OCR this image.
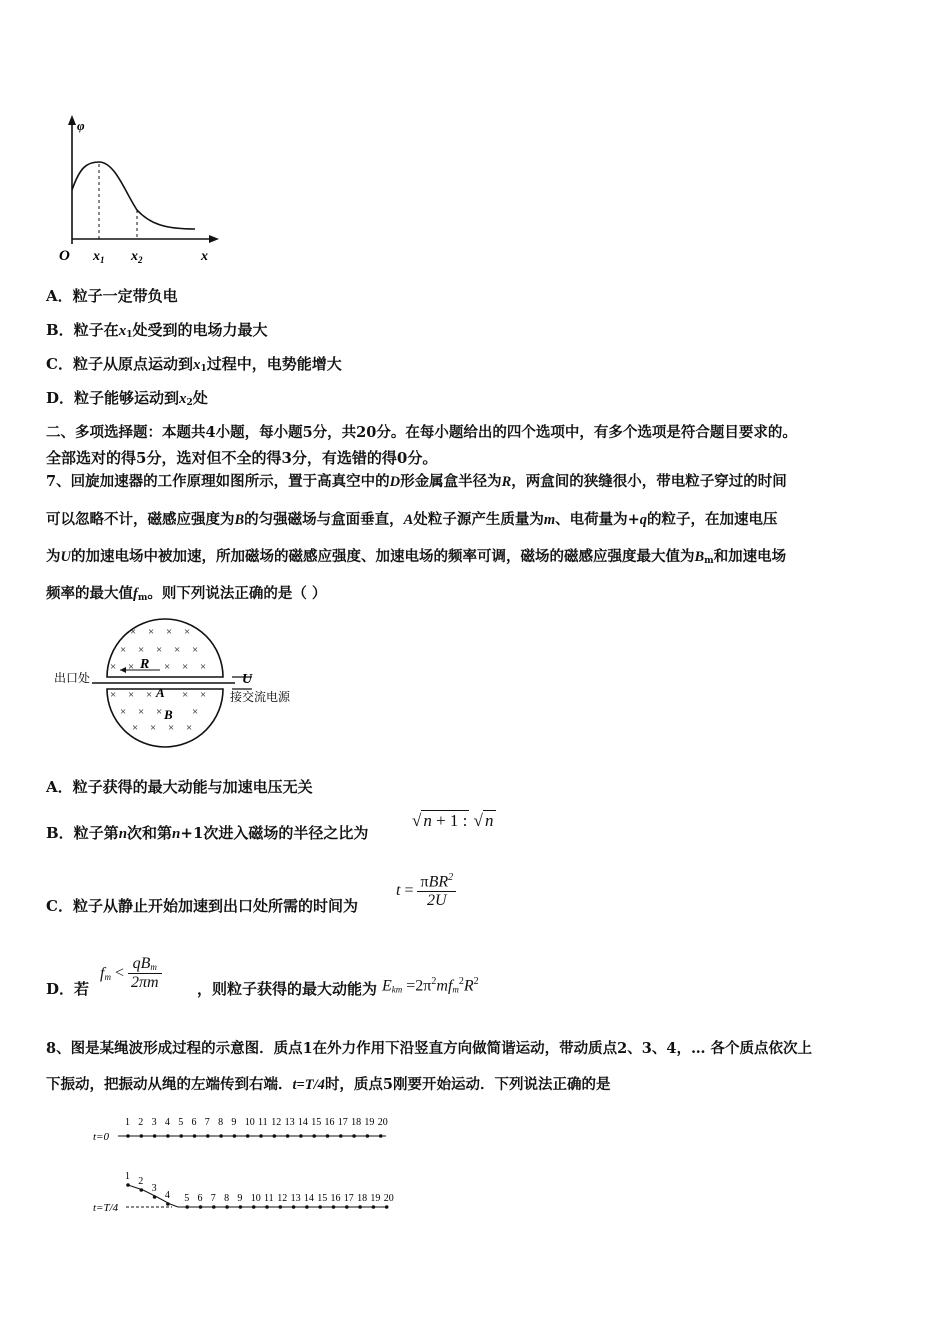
φ
O $x_1$ $x_2$	x
A．粒子一定带负电
B．粒子在$x_1$处受到的电场力最大
C．粒子从原点运动到$x_1$过程中，电势能增大
D．粒子能够运动到$x_2$处
二、多项选择题：本题共4小题，每小题5分，共20分。在每小题给出的四个选项中，有多个选项是符合题目要求的。
全部选对的得5分，选对但不全的得3分，有选错的得0分。
7、回旋加速器的工作原理如图所示，置于高真空中的D形金属盒半径为R，两盒间的狭缝很小，带电粒子穿过的时间
可以忽略不计，磁感应强度为B的匀强磁场与盒面垂直，A处粒子源产生质量为m、电荷量为+q的粒子，在加速电压
为U的加速电场中被加速，所加磁场的磁感应强度、加速电场的频率可调，磁场的磁感应强度最大值为$B_m$和加速电场
频率的最大值$f_m$。则下列说法正确的是（ ）
× × × ×
× × × × ×
× ×	× × ×
× × ×	× ×
× × ×	×
× × × ×
出口处
R
A
B
U
接交流电源
A．粒子获得的最大动能与加速电压无关
B．粒子第n次和第n+1次进入磁场的半径之比为
√ n + 1 : √ n
C．粒子从静止开始加速到出口处所需的时间为
$t = \frac{\pi BR^2}{2U}$
D．若	，则粒子获得的最大动能为
$f_m < \frac{qB_m}{2\pi m}$	$E_{km} =2\pi^2mf_m^2R^2$
8、图是某绳波形成过程的示意图．质点1在外力作用下沿竖直方向做简谐运动，带动质点2、3、4，… 各个质点依次上
下振动，把振动从绳的左端传到右端．t=T/4时，质点5刚要开始运动．下列说法正确的是
t=0
t=T/4
1 2 3 4 5 6 7 8 9 10 11 12 13 14 15 16 17 18 19 20
1 2
3
4 5 6 7 8 9 10 11 12 13 14 15 16 17 18 19 20
